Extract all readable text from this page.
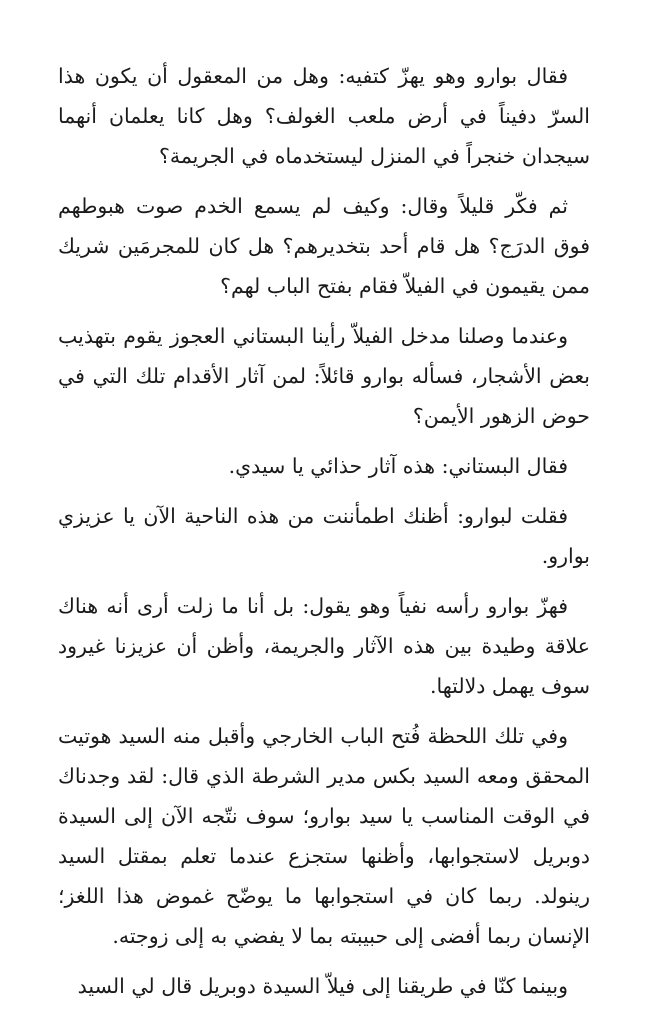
فقال بوارو وهو يهزّ كتفيه: وهل من المعقول أن يكون هذا السرّ دفيناً في أرض ملعب الغولف؟ وهل كانا يعلمان أنهما سيجدان خنجراً في المنزل ليستخدماه في الجريمة؟

ثم فكّر قليلاً وقال: وكيف لم يسمع الخدم صوت هبوطهم فوق الدرَج؟ هل قام أحد بتخديرهم؟ هل كان للمجرمَين شريك ممن يقيمون في الفيلاّ فقام بفتح الباب لهم؟

وعندما وصلنا مدخل الفيلاّ رأينا البستاني العجوز يقوم بتهذيب بعض الأشجار، فسأله بوارو قائلاً: لمن آثار الأقدام تلك التي في حوض الزهور الأيمن؟

فقال البستاني: هذه آثار حذائي يا سيدي.

فقلت لبوارو: أظنك اطمأننت من هذه الناحية الآن يا عزيزي بوارو.

فهزّ بوارو رأسه نفياً وهو يقول: بل أنا ما زلت أرى أنه هناك علاقة وطيدة بين هذه الآثار والجريمة، وأظن أن عزيزنا غيرود سوف يهمل دلالتها.

وفي تلك اللحظة فُتح الباب الخارجي وأقبل منه السيد هوتيت المحقق ومعه السيد بكس مدير الشرطة الذي قال: لقد وجدناك في الوقت المناسب يا سيد بوارو؛ سوف نتّجه الآن إلى السيدة دوبريل لاستجوابها، وأظنها ستجزع عندما تعلم بمقتل السيد رينولد. ربما كان في استجوابها ما يوضّح غموض هذا اللغز؛ الإنسان ربما أفضى إلى حبيبته بما لا يفضي به إلى زوجته.

وبينما كنّا في طريقنا إلى فيلاّ السيدة دوبريل قال لي السيد
